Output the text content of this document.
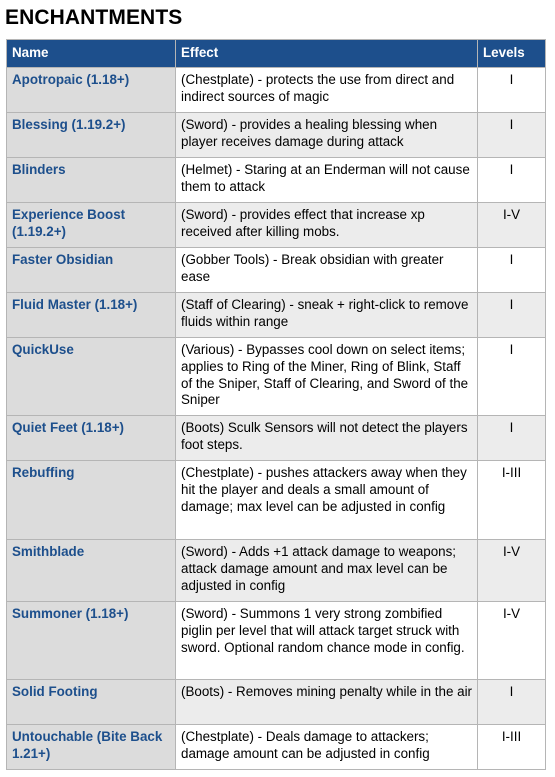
ENCHANTMENTS
Name	Effect	Levels
Apotropaic (1.18+)	(Chestplate) - protects the use from direct and indirect sources of magic	I
Blessing (1.19.2+)	(Sword) - provides a healing blessing when player receives damage during attack	I
Blinders	(Helmet) - Staring at an Enderman will not cause them to attack	I
Experience Boost (1.19.2+)	(Sword) - provides effect that increase xp received after killing mobs.	I-V
Faster Obsidian	(Gobber Tools) - Break obsidian with greater ease	I
Fluid Master (1.18+)	(Staff of Clearing) - sneak + right-click to remove fluids within range	I
QuickUse	(Various) - Bypasses cool down on select items; applies to Ring of the Miner, Ring of Blink, Staff of the Sniper, Staff of Clearing, and Sword of the Sniper	I
Quiet Feet (1.18+)	(Boots) Sculk Sensors will not detect the players foot steps.	I
Rebuffing	(Chestplate) - pushes attackers away when they hit the player and deals a small amount of damage; max level can be adjusted in config	I-III
Smithblade	(Sword) - Adds +1 attack damage to weapons; attack damage amount and max level can be adjusted in config	I-V
Summoner (1.18+)	(Sword) - Summons 1 very strong zombified piglin per level that will attack target struck with sword. Optional random chance mode in config.	I-V
Solid Footing	(Boots) - Removes mining penalty while in the air	I
Untouchable (Bite Back 1.21+)	(Chestplate) - Deals damage to attackers; damage amount can be adjusted in config	I-III
